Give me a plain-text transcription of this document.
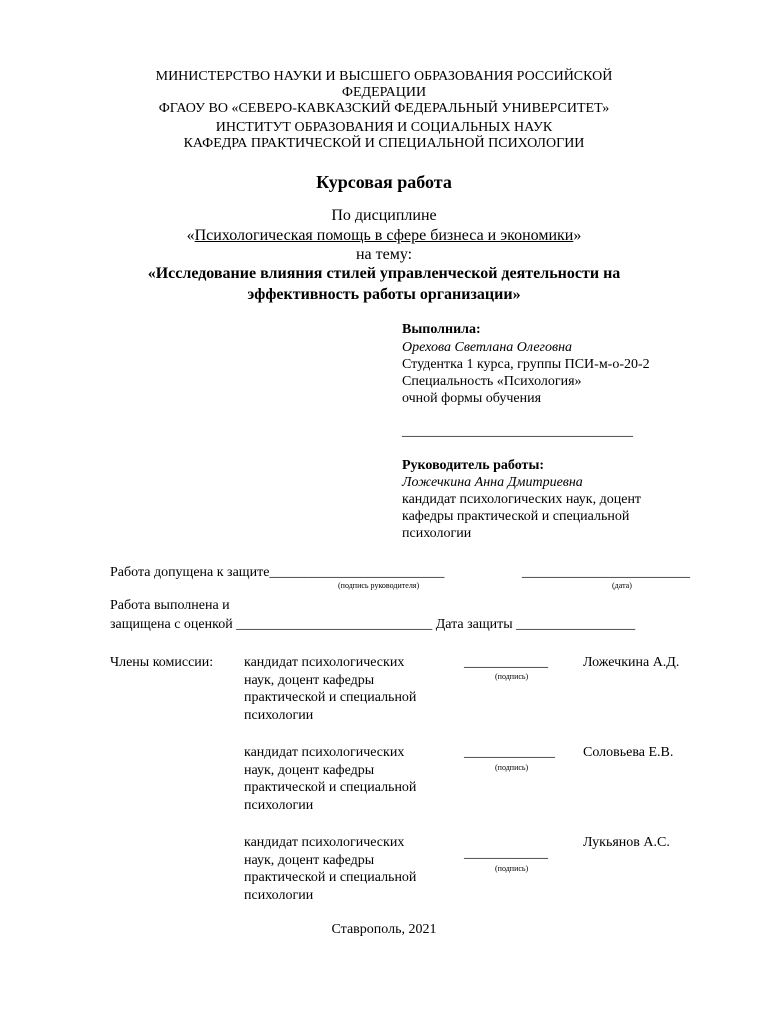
МИНИСТЕРСТВО НАУКИ И ВЫСШЕГО ОБРАЗОВАНИЯ РОССИЙСКОЙ
ФЕДЕРАЦИИ
ФГАОУ ВО «СЕВЕРО-КАВКАЗСКИЙ ФЕДЕРАЛЬНЫЙ УНИВЕРСИТЕТ»
ИНСТИТУТ ОБРАЗОВАНИЯ И СОЦИАЛЬНЫХ НАУК
КАФЕДРА ПРАКТИЧЕСКОЙ И СПЕЦИАЛЬНОЙ ПСИХОЛОГИИ
Курсовая работа
По дисциплине
«Психологическая помощь в сфере бизнеса и экономики»
на тему:
«Исследование влияния стилей управленческой деятельности на
эффективность работы организации»
Выполнила:
Орехова Светлана Олеговна
Студентка 1 курса, группы ПСИ-м-о-20-2
Специальность «Психология»
очной формы обучения
_________________________________
Руководитель работы:
Ложечкина Анна Дмитриевна
кандидат психологических наук, доцент
кафедры практической и специальной
психологии
Работа допущена к защите_________________________	________________________
(подпись руководителя)	(дата)
Работа выполнена и
защищена с оценкой ____________________________ Дата защиты _________________
Члены комиссии: кандидат психологических
наук, доцент кафедры
практической и специальной
психологии
____________
(подпись)
Ложечкина А.Д.
кандидат психологических
наук, доцент кафедры
практической и специальной
психологии
_____________
(подпись)
Соловьева Е.В.
кандидат психологических
наук, доцент кафедры
практической и специальной
психологии
____________
(подпись)
Лукьянов А.С.
Ставрополь, 2021
